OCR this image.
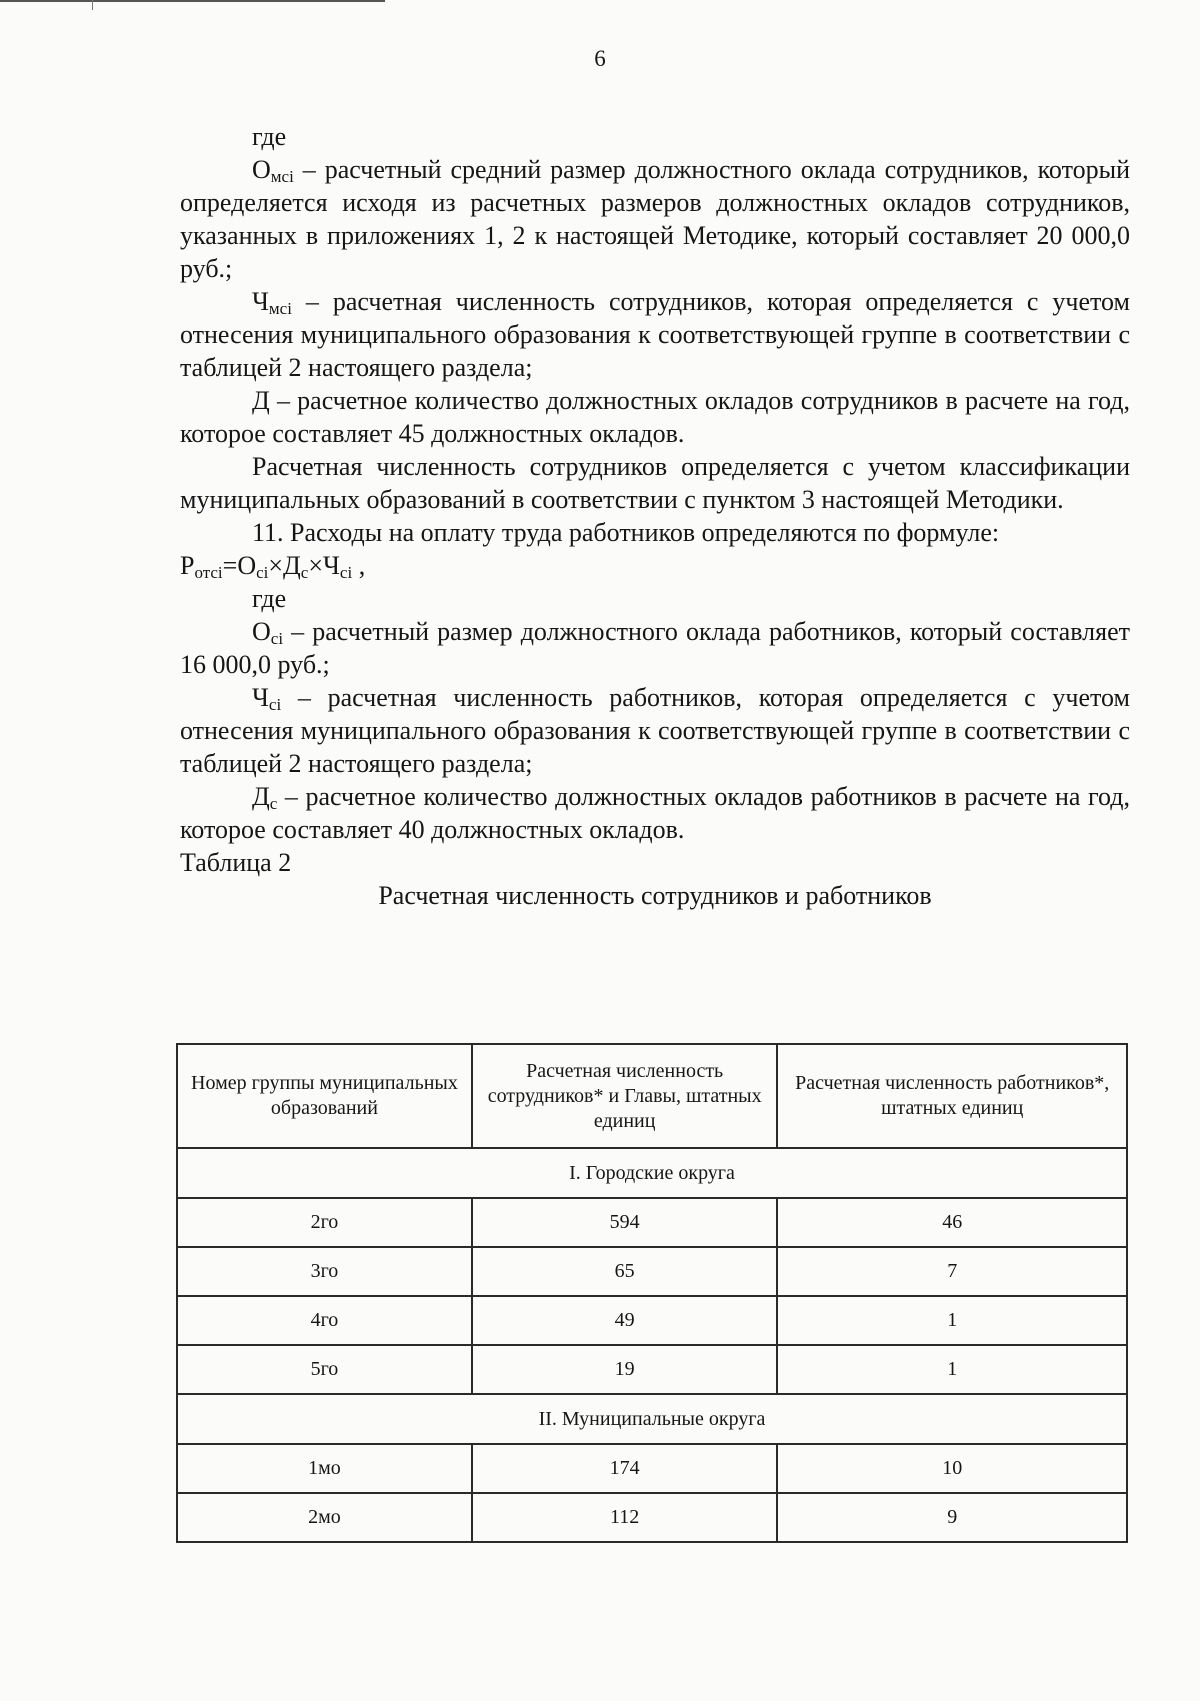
6

где

$О_{мсi}$ – расчетный средний размер должностного оклада сотрудников, который определяется исходя из расчетных размеров должностных окладов сотрудников, указанных в приложениях 1, 2 к настоящей Методике, который составляет 20 000,0 руб.;

$Ч_{мсi}$ – расчетная численность сотрудников, которая определяется с учетом отнесения муниципального образования к соответствующей группе в соответствии с таблицей 2 настоящего раздела;

Д – расчетное количество должностных окладов сотрудников в расчете на год, которое составляет 45 должностных окладов.

Расчетная численность сотрудников определяется с учетом классификации муниципальных образований в соответствии с пунктом 3 настоящей Методики.

11. Расходы на оплату труда работников определяются по формуле:

$Р_{отсi}=О_{сi}\times Д_с\times Ч_{сi}$ ,

где

$О_{сi}$ – расчетный размер должностного оклада работников, который составляет 16 000,0 руб.;

$Ч_{сi}$ – расчетная численность работников, которая определяется с учетом отнесения муниципального образования к соответствующей группе в соответствии с таблицей 2 настоящего раздела;

$Д_с$ – расчетное количество должностных окладов работников в расчете на год, которое составляет 40 должностных окладов.

Таблица 2

Расчетная численность сотрудников и работников

Номер группы муниципальных образований	Расчетная численность сотрудников* и Главы, штатных единиц	Расчетная численность работников*, штатных единиц
I. Городские округа		
2го	594	46
3го	65	7
4го	49	1
5го	19	1
II. Муниципальные округа		
1мо	174	10
2мо	112	9
